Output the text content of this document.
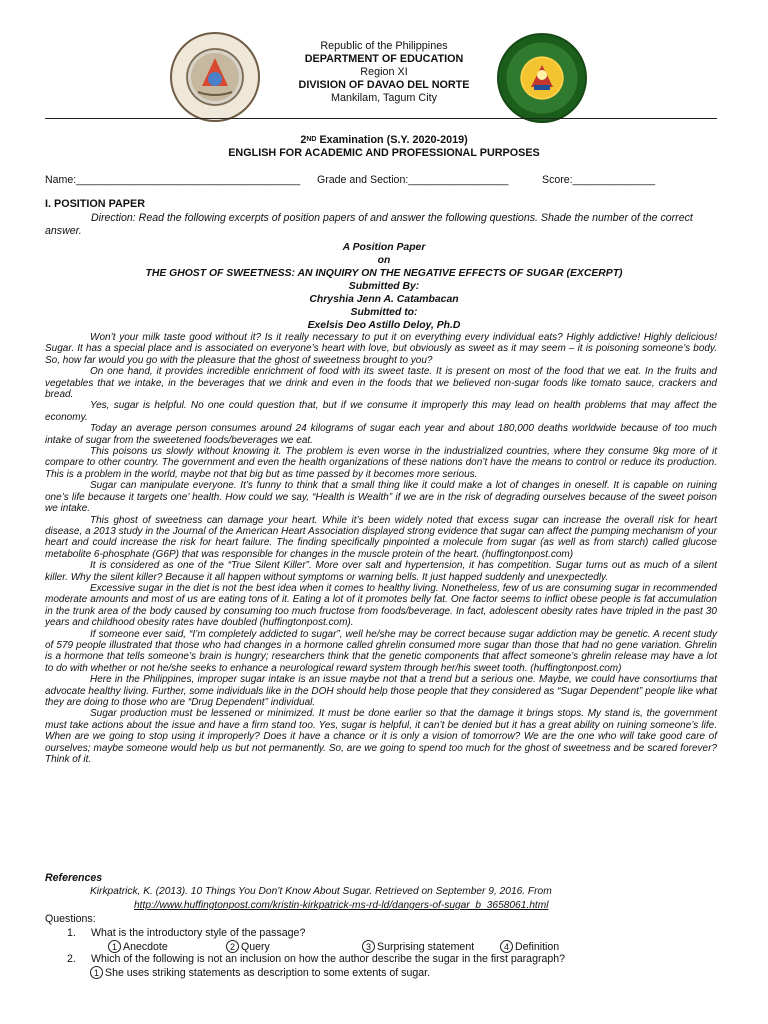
Republic of the Philippines
DEPARTMENT OF EDUCATION
Region XI
DIVISION OF DAVAO DEL NORTE
Mankilam, Tagum City
2ND Examination (S.Y. 2020-2019)
ENGLISH FOR ACADEMIC AND PROFESSIONAL PURPOSES
Name:______________________________________ Grade and Section:_________________	Score:______________
I. POSITION PAPER
Direction: Read the following excerpts of position papers of and answer the following questions. Shade the number of the correct answer.
A Position Paper
on
THE GHOST OF SWEETNESS: AN INQUIRY ON THE NEGATIVE EFFECTS OF SUGAR (EXCERPT)
Submitted By:
Chryshia Jenn A. Catambacan
Submitted to:
Exelsis Deo Astillo Deloy, Ph.D

Won’t your milk taste good without it? Is it really necessary to put it on everything every individual eats? Highly addictive! Highly delicious! Sugar. It has a special place and is associated on everyone’s heart with love, but obviously as sweet as it may seem – it is poisoning someone’s body. So, how far would you go with the pleasure that the ghost of sweetness brought to you?

On one hand, it provides incredible enrichment of food with its sweet taste. It is present on most of the food that we eat. In the fruits and vegetables that we intake, in the beverages that we drink and even in the foods that we believed non-sugar foods like tomato sauce, crackers and bread.

Yes, sugar is helpful. No one could question that, but if we consume it improperly this may lead on health problems that may affect the economy.

Today an average person consumes around 24 kilograms of sugar each year and about 180,000 deaths worldwide because of too much intake of sugar from the sweetened foods/beverages we eat.

This poisons us slowly without knowing it. The problem is even worse in the industrialized countries, where they consume 9kg more of it compare to other country. The government and even the health organizations of these nations don’t have the means to control or reduce its production. This is a problem in the world, maybe not that big but as time passed by it becomes more serious.

Sugar can manipulate everyone. It’s funny to think that a small thing like it could make a lot of changes in oneself. It is capable on ruining one’s life because it targets one’ health. How could we say, “Health is Wealth” if we are in the risk of degrading ourselves because of the sweet poison we intake.

This ghost of sweetness can damage your heart. While it’s been widely noted that excess sugar can increase the overall risk for heart disease, a 2013 study in the Journal of the American Heart Association displayed strong evidence that sugar can affect the pumping mechanism of your heart and could increase the risk for heart failure. The finding specifically pinpointed a molecule from sugar (as well as from starch) called glucose metabolite 6-phosphate (G6P) that was responsible for changes in the muscle protein of the heart. (huffingtonpost.com)

It is considered as one of the “True Silent Killer”. More over salt and hypertension, it has competition. Sugar turns out as much of a silent killer. Why the silent killer? Because it all happen without symptoms or warning bells. It just happed suddenly and unexpectedly.

Excessive sugar in the diet is not the best idea when it comes to healthy living. Nonetheless, few of us are consuming sugar in recommended moderate amounts and most of us are eating tons of it. Eating a lot of it promotes belly fat. One factor seems to inflict obese people is fat accumulation in the trunk area of the body caused by consuming too much fructose from foods/beverage. In fact, adolescent obesity rates have tripled in the past 30 years and childhood obesity rates have doubled (huffingtonpost.com).

If someone ever said, “I’m completely addicted to sugar”, well he/she may be correct because sugar addiction may be genetic. A recent study of 579 people illustrated that those who had changes in a hormone called ghrelin consumed more sugar than those that had no gene variation. Ghrelin is a hormone that tells someone’s brain is hungry; researchers think that the genetic components that affect someone’s ghrelin release may have a lot to do with whether or not he/she seeks to enhance a neurological reward system through her/his sweet tooth. (huffingtonpost.com)

Here in the Philippines, improper sugar intake is an issue maybe not that a trend but a serious one. Maybe, we could have consortiums that advocate healthy living. Further, some individuals like in the DOH should help those people that they considered as “Sugar Dependent” people like what they are doing to those who are “Drug Dependent” individual.

Sugar production must be lessened or minimized. It must be done earlier so that the damage it brings stops. My stand is, the government must take actions about the issue and have a firm stand too. Yes, sugar is helpful, it can’t be denied but it has a great ability on ruining someone’s life. When are we going to stop using it improperly? Does it have a chance or it is only a vision of tomorrow? We are the one who will take good care of ourselves; maybe someone would help us but not permanently. So, are we going to spend too much for the ghost of sweetness and be scared forever? Think of it.

References
Kirkpatrick, K. (2013). 10 Things You Don’t Know About Sugar. Retrieved on September 9, 2016. From
http://www.huffingtonpost.com/kristin-kirkpatrick-ms-rd-ld/dangers-of-sugar_b_3658061.html
Questions:
1. What is the introductory style of the passage?
1 Anecdote	2 Query	3 Surprising statement	4 Definition
2. Which of the following is not an inclusion on how the author describe the sugar in the first paragraph?
1 She uses striking statements as description to some extents of sugar.
